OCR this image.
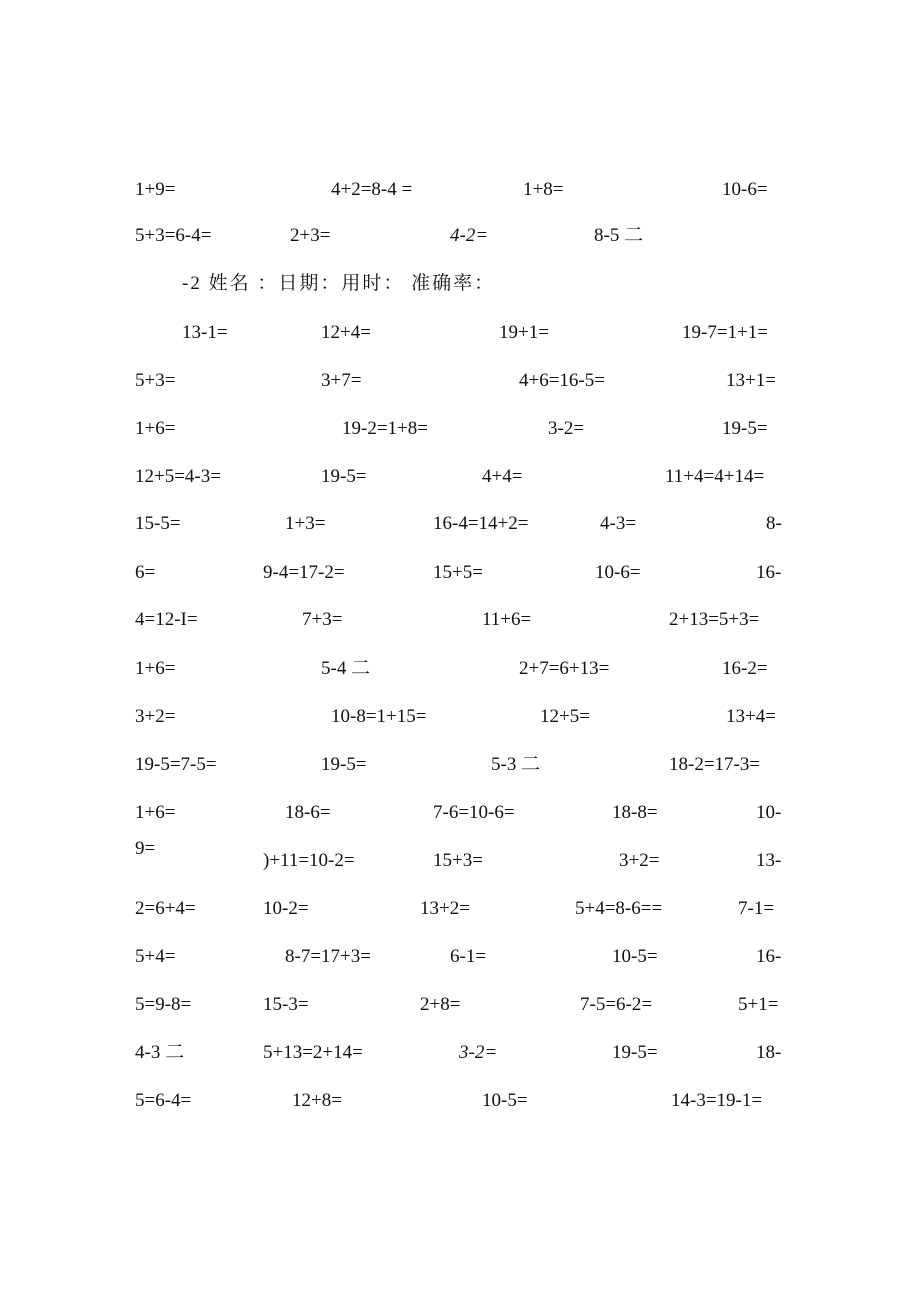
1+9=	4+2=8-4 =	1+8=	10-6=
5+3=6-4=	2+3=	4-2=	8-5 二
-2 姓名 ：日期：用时： 准确率：
13-1=	12+4=	19+1=	19-7=1+1=
5+3=	3+7=	4+6=16-5=	13+1=
1+6=	19-2=1+8=	3-2=	19-5=
12+5=4-3=	19-5=	4+4=	11+4=4+14=
15-5=	1+3=	16-4=14+2=	4-3=	8-
6=	9-4=17-2=	15+5=	10-6=	16-
4=12-I=	7+3=	11+6=	2+13=5+3=
1+6=	5-4 二	2+7=6+13=	16-2=
3+2=	10-8=1+15=	12+5=	13+4=
19-5=7-5=	19-5=	5-3 二	18-2=17-3=
1+6=	18-6=	7-6=10-6=	18-8=	10-
9=
)+11=10-2=	15+3=	3+2=	13-
2=6+4=	10-2=	13+2=	5+4=8-6==	7-1=
5+4=	8-7=17+3=	6-1=	10-5=	16-
5=9-8=	15-3=	2+8=	7-5=6-2=	5+1=
4-3 二	5+13=2+14=	3-2=	19-5=	18-
5=6-4=	12+8=	10-5=	14-3=19-1=
